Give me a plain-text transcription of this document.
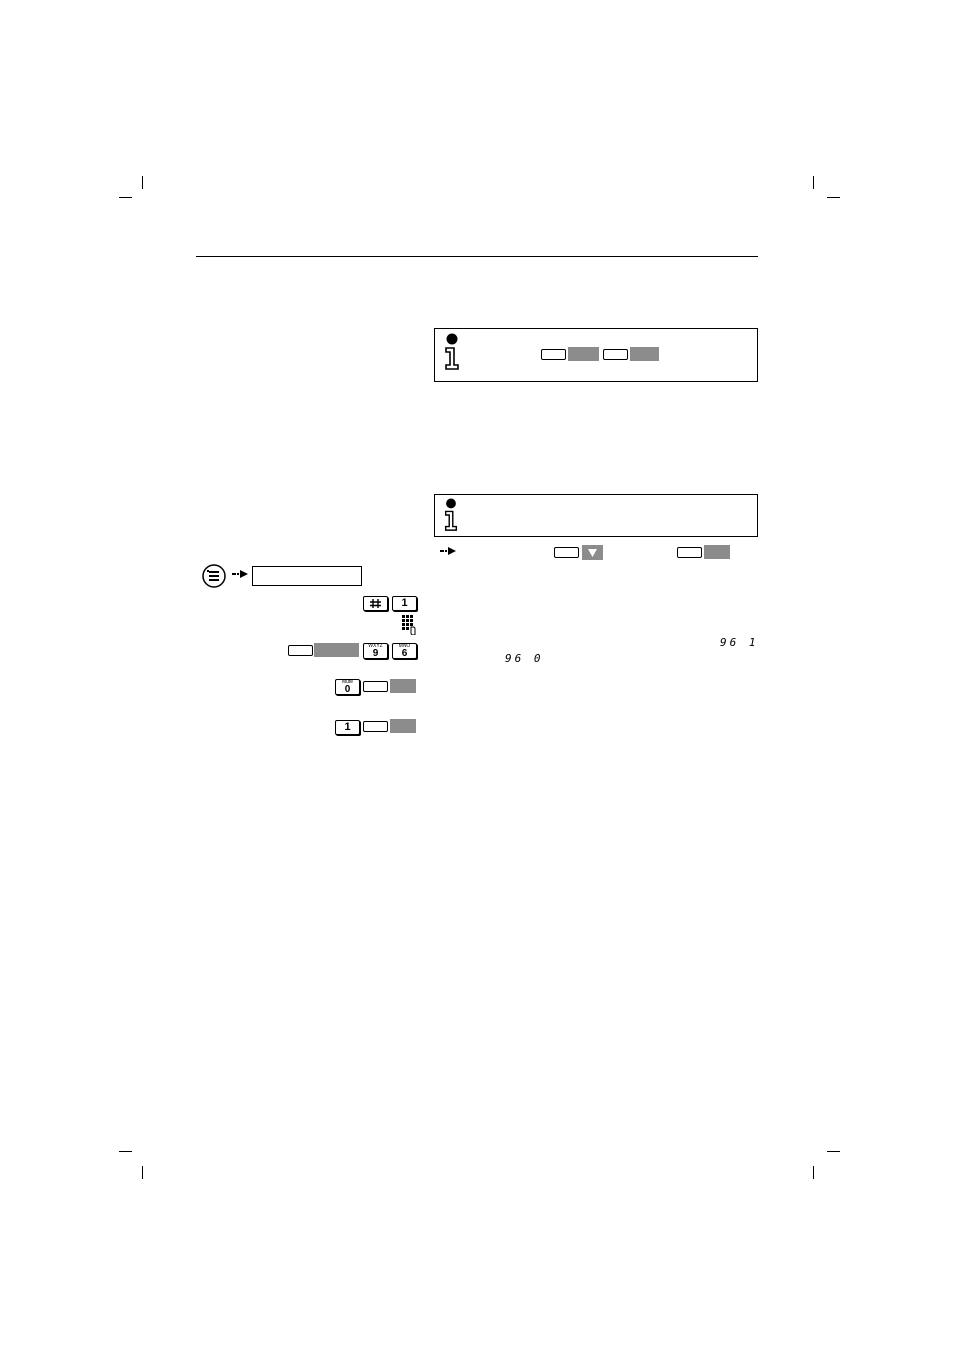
96 1
96 0
1
WXYZ
9
MNO
6
Mute
0
1
